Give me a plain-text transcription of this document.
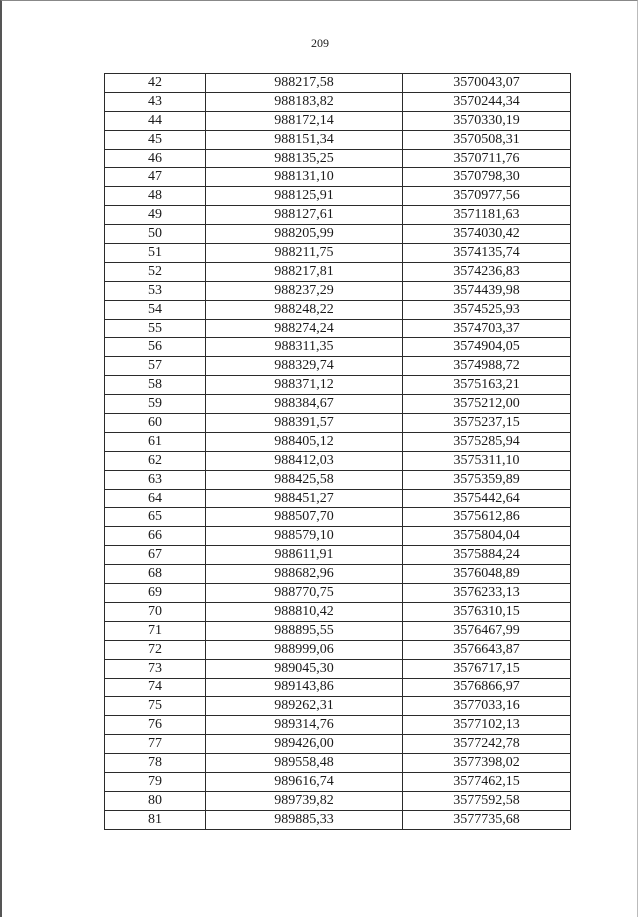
209
42	988217,58	3570043,07
43	988183,82	3570244,34
44	988172,14	3570330,19
45	988151,34	3570508,31
46	988135,25	3570711,76
47	988131,10	3570798,30
48	988125,91	3570977,56
49	988127,61	3571181,63
50	988205,99	3574030,42
51	988211,75	3574135,74
52	988217,81	3574236,83
53	988237,29	3574439,98
54	988248,22	3574525,93
55	988274,24	3574703,37
56	988311,35	3574904,05
57	988329,74	3574988,72
58	988371,12	3575163,21
59	988384,67	3575212,00
60	988391,57	3575237,15
61	988405,12	3575285,94
62	988412,03	3575311,10
63	988425,58	3575359,89
64	988451,27	3575442,64
65	988507,70	3575612,86
66	988579,10	3575804,04
67	988611,91	3575884,24
68	988682,96	3576048,89
69	988770,75	3576233,13
70	988810,42	3576310,15
71	988895,55	3576467,99
72	988999,06	3576643,87
73	989045,30	3576717,15
74	989143,86	3576866,97
75	989262,31	3577033,16
76	989314,76	3577102,13
77	989426,00	3577242,78
78	989558,48	3577398,02
79	989616,74	3577462,15
80	989739,82	3577592,58
81	989885,33	3577735,68
